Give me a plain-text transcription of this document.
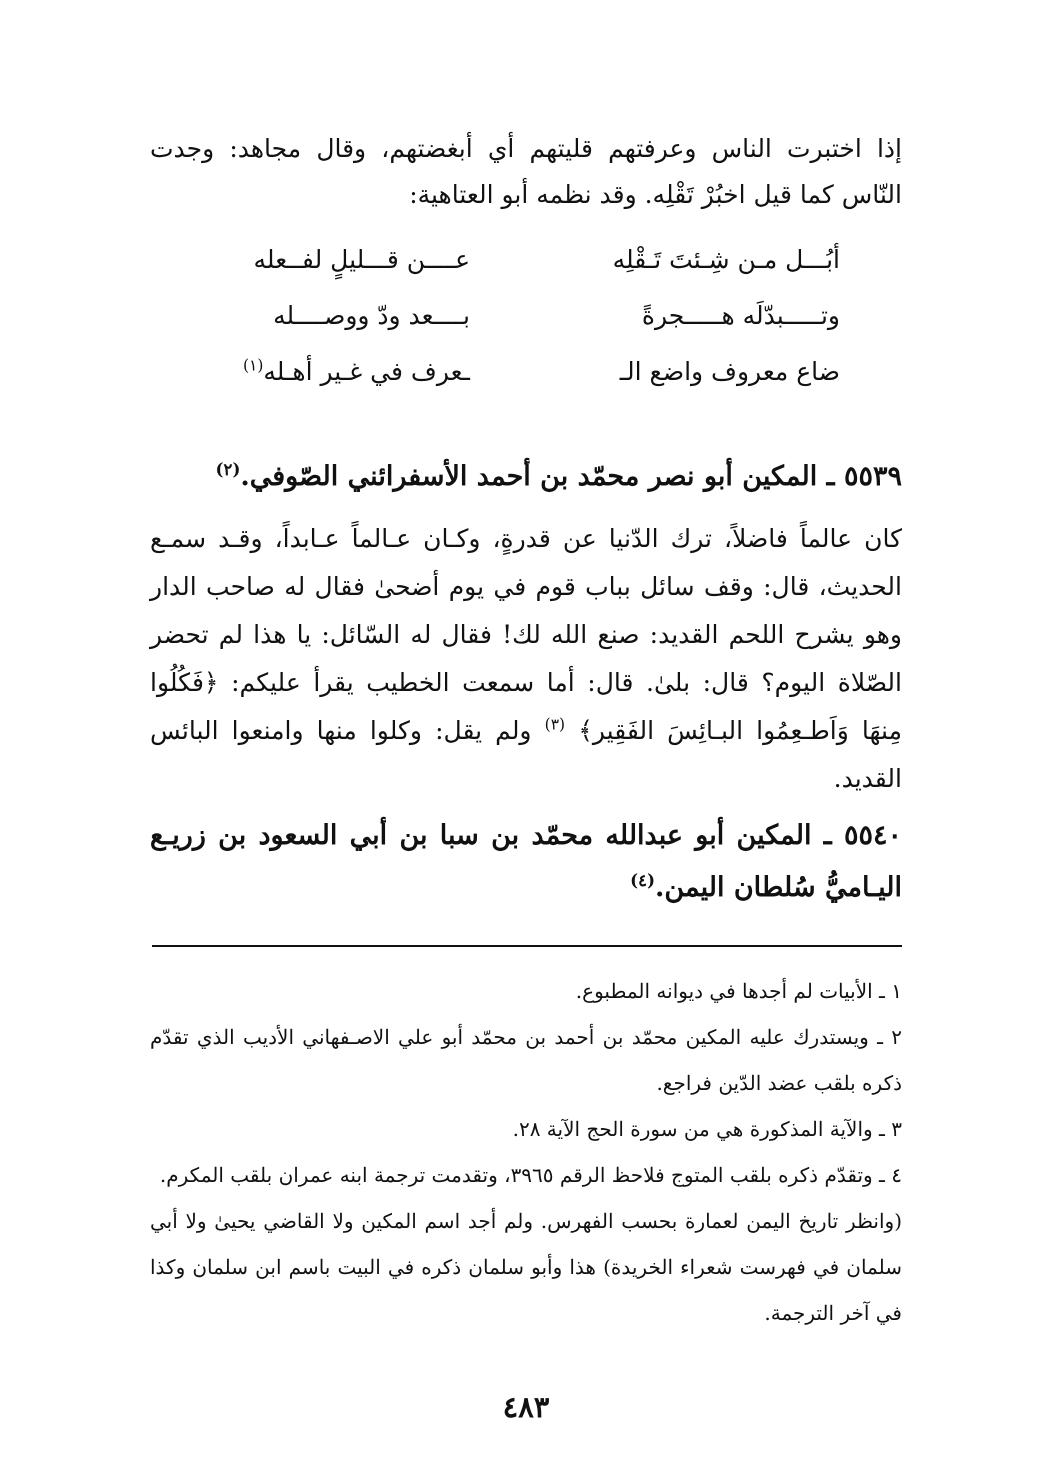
إذا اختبرت الناس وعرفتهم قليتهم أي أبغضتهم، وقال مجاهد: وجدت النّاس كما قيل اخبُرْ تَقْلِه. وقد نظمه أبو العتاهية:

أبُـــل مـن شِـئتَ تَـقْلِه
عــــن قـــليلٍ لفــعله
وتـــــبدّلَه هـــــجرةً
بــــعد ودّ ووصــــله
ضاع معروف واضع الـ
ـعرف في غـير أهـله$^{(١)}$

٥٥٣٩ ـ المكين أبو نصر محمّد بن أحمد الأسفرائني الصّوفي.$^{(٢)}$

كان عالماً فاضلاً، ترك الدّنيا عن قدرةٍ، وكـان عـالماً عـابداً، وقـد سمـع الحديث، قال: وقف سائل بباب قوم في يوم أضحىٰ فقال له صاحب الدار وهو يشرح اللحم القديد: صنع الله لك! فقال له السّائل: يا هذا لم تحضر الصّلاة اليوم؟ قال: بلىٰ. قال: أما سمعت الخطيب يقرأ عليكم: ﴿فَكُلُوا مِنهَا وَاَطـعِمُوا البـائِسَ الفَقِير﴾ $^{(٣)}$ ولم يقل: وكلوا منها وامنعوا البائس القديد.

٥٥٤٠ ـ المكين أبو عبدالله محمّد بن سبا بن أبي السعود بن زريـع اليـاميُّ سُلطان اليمن.$^{(٤)}$

١ ـ الأبيات لم أجدها في ديوانه المطبوع.
٢ ـ ويستدرك عليه المكين محمّد بن أحمد بن محمّد أبو علي الاصـفهاني الأديب الذي تقدّم ذكره بلقب عضد الدّين فراجع.
٣ ـ والآية المذكورة هي من سورة الحج الآية ٢٨.
٤ ـ وتقدّم ذكره بلقب المتوج فلاحظ الرقم ٣٩٦٥، وتقدمت ترجمة ابنه عمران بلقب المكرم.
(وانظر تاريخ اليمن لعمارة بحسب الفهرس. ولم أجد اسم المكين ولا القاضي يحيىٰ ولا أبي سلمان في فهرست شعراء الخريدة) هذا وأبو سلمان ذكره في البيت باسم ابن سلمان وكذا في آخر الترجمة.
٤٨٣
